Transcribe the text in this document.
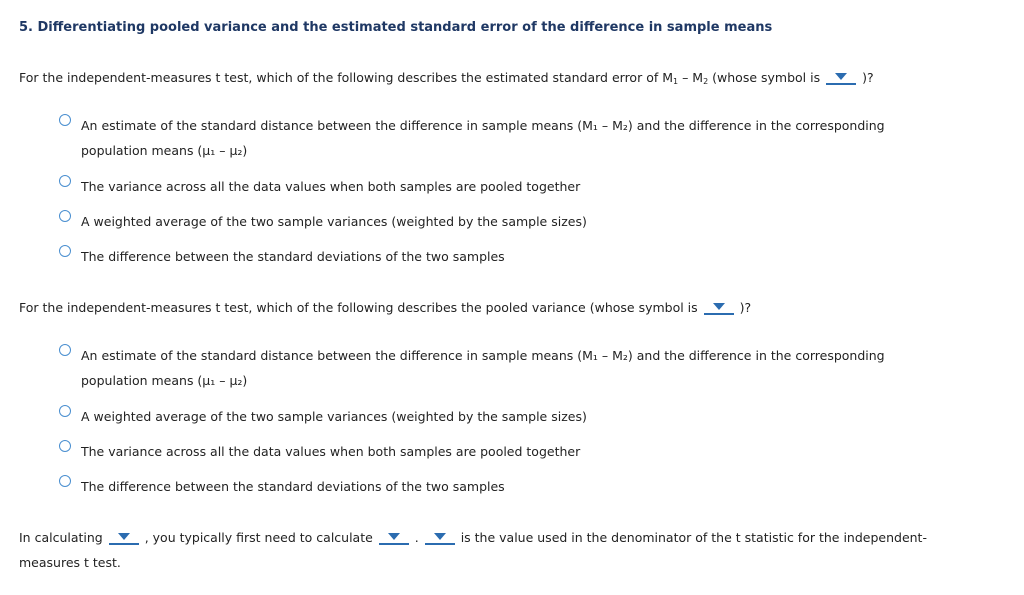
5. Differentiating pooled variance and the estimated standard error of the difference in sample means
For the independent-measures t test, which of the following describes the estimated standard error of $M_1 - M_2$ (whose symbol is	)?
An estimate of the standard distance between the difference in sample means (M₁ – M₂) and the difference in the corresponding population means (μ₁ – μ₂)
The variance across all the data values when both samples are pooled together
A weighted average of the two sample variances (weighted by the sample sizes)
The difference between the standard deviations of the two samples
For the independent-measures t test, which of the following describes the pooled variance (whose symbol is	)?
An estimate of the standard distance between the difference in sample means (M₁ – M₂) and the difference in the corresponding population means (μ₁ – μ₂)
A weighted average of the two sample variances (weighted by the sample sizes)
The variance across all the data values when both samples are pooled together
The difference between the standard deviations of the two samples
In calculating	, you typically first need to calculate	.	is the value used in the denominator of the t statistic for the independent-
measures t test.
